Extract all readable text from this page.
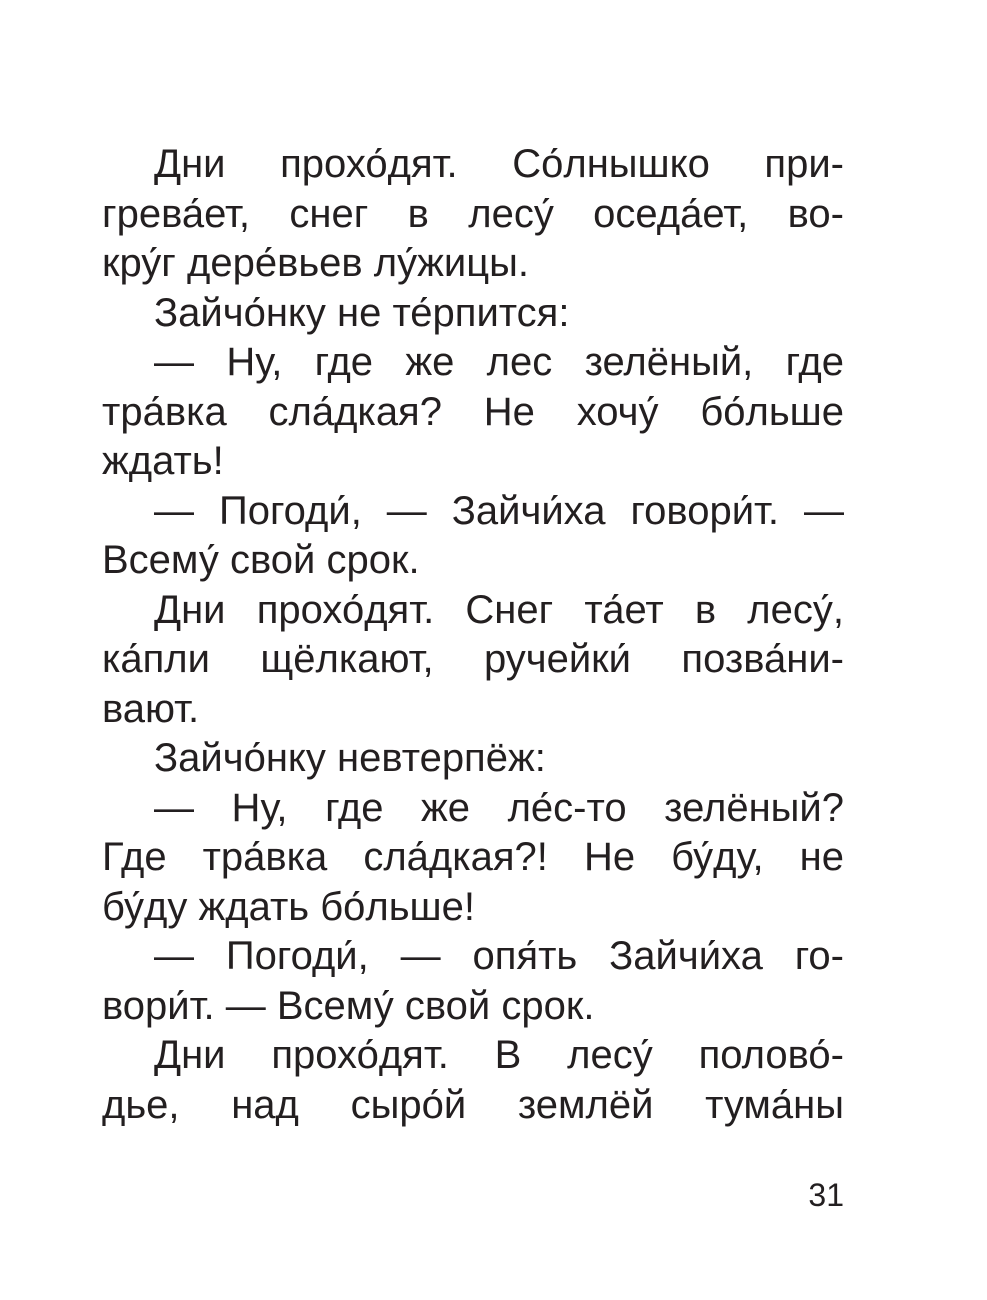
Дни прохо́дят. Со́лнышко при-
грева́ет, снег в лесу́ оседа́ет, во-
кру́г дере́вьев лу́жицы.
Зайчо́нку не те́рпится:
— Ну, где же лес зелёный, где
тра́вка сла́дкая? Не хочу́ бо́льше
ждать!
— Погоди́, — Зайчи́ха говори́т. —
Всему́ свой срок.
Дни прохо́дят. Снег та́ет в лесу́,
ка́пли щёлкают, ручейки́ позва́ни-
вают.
Зайчо́нку невтерпёж:
— Ну, где же ле́с-то зелёный?
Где тра́вка сла́дкая?! Не бу́ду, не
бу́ду ждать бо́льше!
— Погоди́, — опя́ть Зайчи́ха го-
вори́т. — Всему́ свой срок.
Дни прохо́дят. В лесу́ полово́-
дье, над сыро́й землёй тума́ны
31
